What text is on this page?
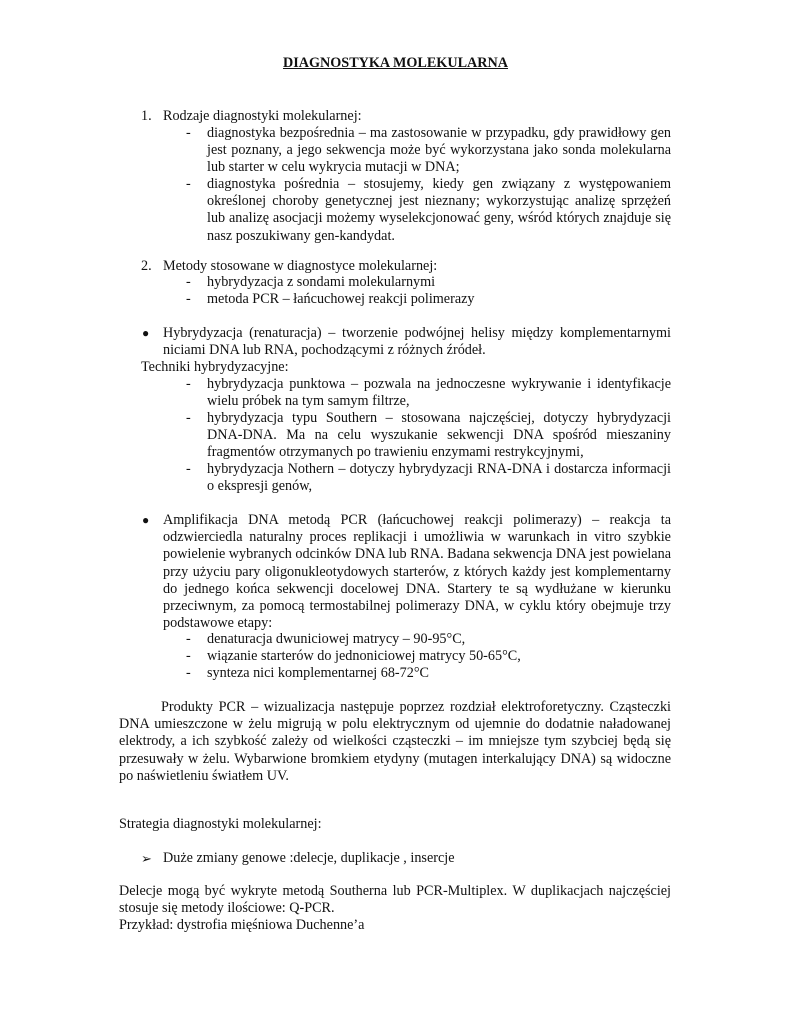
DIAGNOSTYKA MOLEKULARNA
1. Rodzaje diagnostyki molekularnej:
- diagnostyka bezpośrednia – ma zastosowanie w przypadku, gdy prawidłowy gen jest poznany, a jego sekwencja może być wykorzystana jako sonda molekularna lub starter w celu wykrycia mutacji w DNA;
- diagnostyka pośrednia – stosujemy, kiedy gen związany z występowaniem określonej choroby genetycznej jest nieznany; wykorzystując analizę sprzężeń lub analizę asocjacji możemy wyselekcjonować geny, wśród których znajduje się nasz poszukiwany gen-kandydat.
2. Metody stosowane w diagnostyce molekularnej:
- hybrydyzacja z sondami molekularnymi
- metoda PCR – łańcuchowej reakcji polimerazy
● Hybrydyzacja (renaturacja) – tworzenie podwójnej helisy między komplementarnymi niciami DNA lub RNA, pochodzącymi z różnych źródeł.
Techniki hybrydyzacyjne:
- hybrydyzacja punktowa – pozwala na jednoczesne wykrywanie i identyfikacje wielu próbek na tym samym filtrze,
- hybrydyzacja typu Southern – stosowana najczęściej, dotyczy hybrydyzacji DNA-DNA. Ma na celu wyszukanie sekwencji DNA spośród mieszaniny fragmentów otrzymanych po trawieniu enzymami restrykcyjnymi,
- hybrydyzacja Nothern – dotyczy hybrydyzacji RNA-DNA i dostarcza informacji o ekspresji genów,
● Amplifikacja DNA metodą PCR (łańcuchowej reakcji polimerazy) – reakcja ta odzwierciedla naturalny proces replikacji i umożliwia w warunkach in vitro szybkie powielenie wybranych odcinków DNA lub RNA. Badana sekwencja DNA jest powielana przy użyciu pary oligonukleotydowych starterów, z których każdy jest komplementarny do jednego końca sekwencji docelowej DNA. Startery te są wydłużane w kierunku przeciwnym, za pomocą termostabilnej polimerazy DNA, w cyklu który obejmuje trzy podstawowe etapy:
- denaturacja dwuniciowej matrycy – 90-95°C,
- wiązanie starterów do jednoniciowej matrycy 50-65°C,
- synteza nici komplementarnej 68-72°C
Produkty PCR – wizualizacja następuje poprzez rozdział elektroforetyczny. Cząsteczki DNA umieszczone w żelu migrują w polu elektrycznym od ujemnie do dodatnie naładowanej elektrody, a ich szybkość zależy od wielkości cząsteczki – im mniejsze tym szybciej będą się przesuwały w żelu. Wybarwione bromkiem etydyny (mutagen interkalujący DNA) są widoczne po naświetleniu światłem UV.
Strategia diagnostyki molekularnej:
➢ Duże zmiany genowe :delecje, duplikacje , insercje
Delecje mogą być wykryte metodą Southerna lub PCR-Multiplex. W duplikacjach najczęściej stosuje się metody ilościowe: Q-PCR.
Przykład: dystrofia mięśniowa Duchenne’a
